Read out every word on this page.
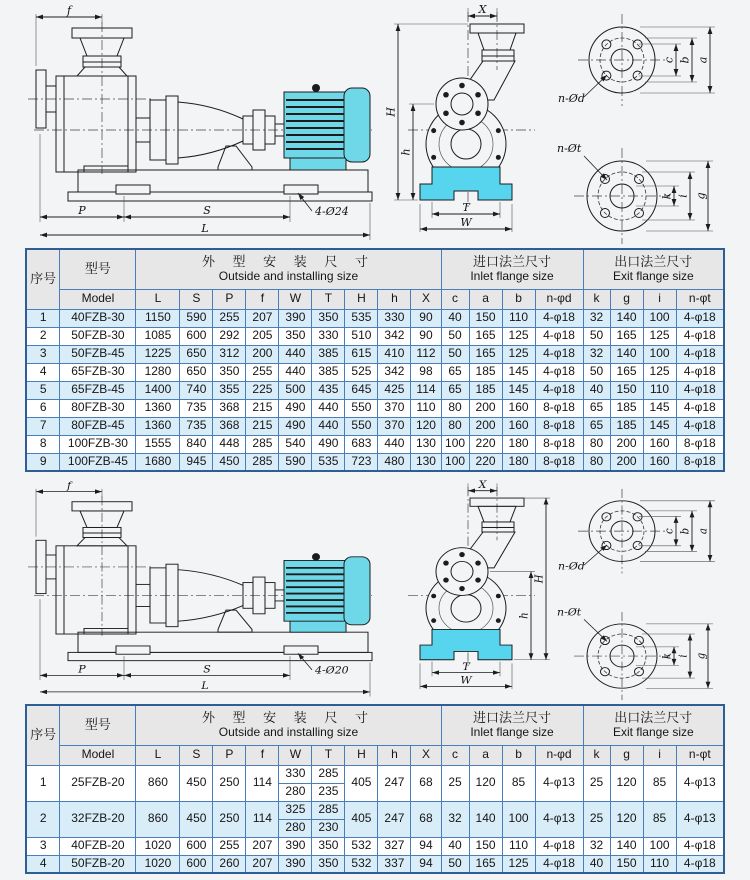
f
P	S
L
4-Ø24
X
T
W
H
h
n-Ød
c b a
n-Øt
k i g
序号	型号	外 型 安 装 尺 寸
Outside and installing size

进口法兰尺寸
Inlet flange size

出口法兰尺寸
Exit flange size

	Model	L	S	P	f	W	T	H	h	X	c	a	b	n-φd	k	g	i	n-φt
1	40FZB-30	1150	590	255	207	390	350	535	330	90	40	150	110	4-φ18	32	140	100	4-φ18
2	50FZB-30	1085	600	292	205	350	330	510	342	90	50	165	125	4-φ18	50	165	125	4-φ18
3	50FZB-45	1225	650	312	200	440	385	615	410	112	50	165	125	4-φ18	32	140	100	4-φ18
4	65FZB-30	1280	650	350	255	440	385	525	342	98	65	185	145	4-φ18	50	165	125	4-φ18
5	65FZB-45	1400	740	355	225	500	435	645	425	114	65	185	145	4-φ18	40	150	110	4-φ18
6	80FZB-30	1360	735	368	215	490	440	550	370	110	80	200	160	8-φ18	65	185	145	4-φ18
7	80FZB-45	1360	735	368	215	490	440	550	370	120	80	200	160	8-φ18	65	185	145	4-φ18
8	100FZB-30	1555	840	448	285	540	490	683	440	130	100	220	180	8-φ18	80	200	160	8-φ18
9	100FZB-45	1680	945	450	285	590	535	723	480	130	100	220	180	8-φ18	80	200	160	8-φ18
f
P	S
L
4-Ø20
X
T
W
H
h
n-Ød
c b a
n-Øt
k i g
序号	型号	外 型 安 装 尺 寸
Outside and installing size

进口法兰尺寸
Inlet flange size

出口法兰尺寸
Exit flange size

	Model	L	S	P	f	W	T	H	h	X	c	a	b	n-φd	k	g	i	n-φt
1	25FZB-20	860	450	250	114	330	285	405	247	68	25	120	85	4-φ13	25	120	85	4-φ13
						280	235											
2	32FZB-20	860	450	250	114	325	285	405	247	68	32	140	100	4-φ13	25	120	85	4-φ13
						280	230											
3	40FZB-20	1020	600	255	207	390	350	532	327	94	40	150	110	4-φ18	32	140	100	4-φ18
4	50FZB-20	1020	600	260	207	390	350	532	337	94	50	165	125	4-φ18	40	150	110	4-φ18
